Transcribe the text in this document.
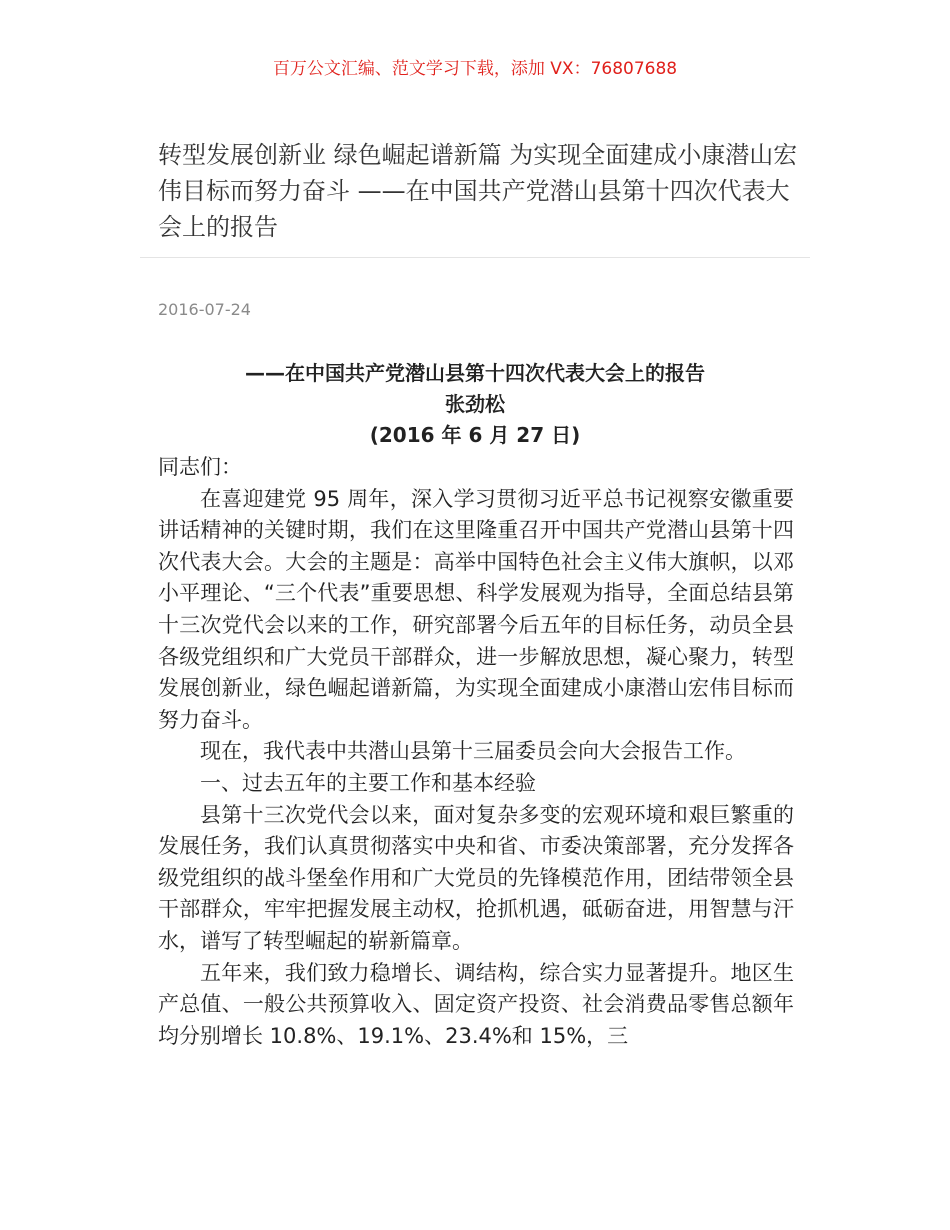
百万公文汇编、范文学习下载，添加 VX：76807688
转型发展创新业 绿色崛起谱新篇 为实现全面建成小康潜山宏伟目标而努力奋斗 ——在中国共产党潜山县第十四次代表大会上的报告
2016-07-24
——在中国共产党潜山县第十四次代表大会上的报告
张劲松
(2016 年 6 月 27 日)

同志们：

在喜迎建党 95 周年，深入学习贯彻习近平总书记视察安徽重要讲话精神的关键时期，我们在这里隆重召开中国共产党潜山县第十四次代表大会。大会的主题是：高举中国特色社会主义伟大旗帜，以邓小平理论、“三个代表”重要思想、科学发展观为指导，全面总结县第十三次党代会以来的工作，研究部署今后五年的目标任务，动员全县各级党组织和广大党员干部群众，进一步解放思想，凝心聚力，转型发展创新业，绿色崛起谱新篇，为实现全面建成小康潜山宏伟目标而努力奋斗。

现在，我代表中共潜山县第十三届委员会向大会报告工作。

一、过去五年的主要工作和基本经验

县第十三次党代会以来，面对复杂多变的宏观环境和艰巨繁重的发展任务，我们认真贯彻落实中央和省、市委决策部署，充分发挥各级党组织的战斗堡垒作用和广大党员的先锋模范作用，团结带领全县干部群众，牢牢把握发展主动权，抢抓机遇，砥砺奋进，用智慧与汗水，谱写了转型崛起的崭新篇章。

五年来，我们致力稳增长、调结构，综合实力显著提升。地区生产总值、一般公共预算收入、固定资产投资、社会消费品零售总额年均分别增长 10.8%、19.1%、23.4%和 15%，三
